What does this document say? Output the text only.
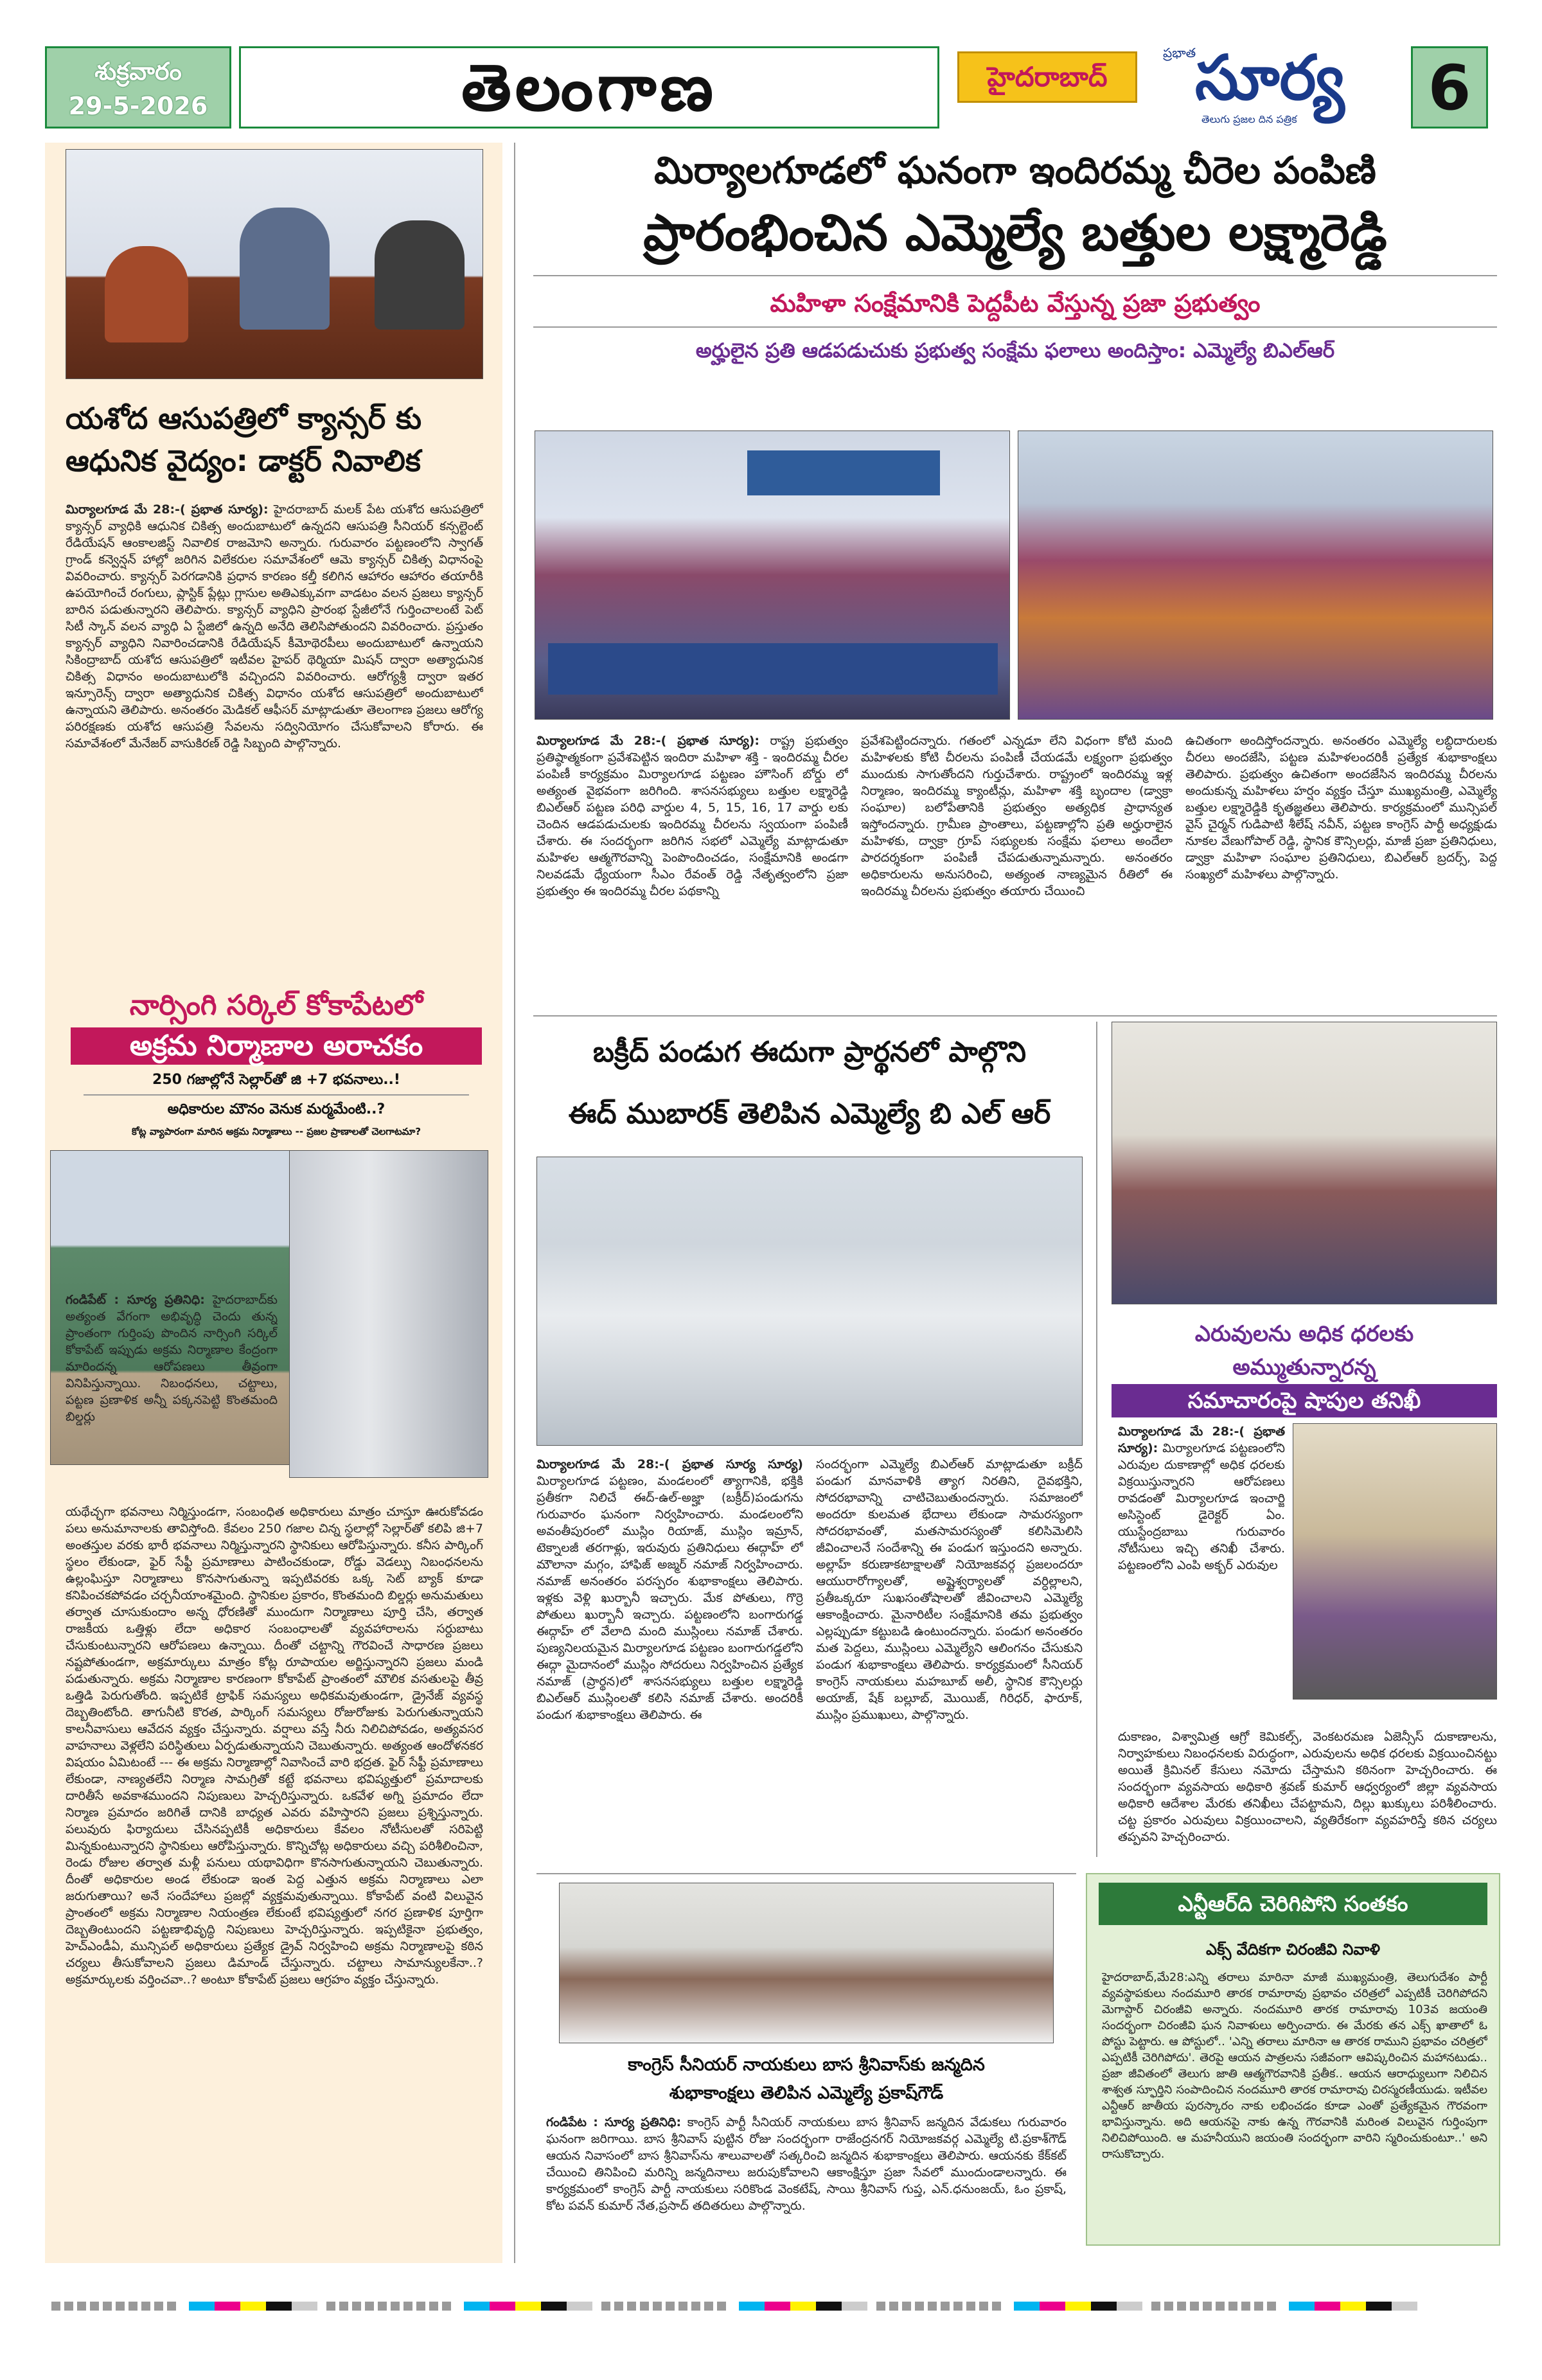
శుక్రవారం
29-5-2026	తెలంగాణ	హైదరాబాద్
ప్రభాత
సూర్య
తెలుగు ప్రజల దిన పత్రిక 6
యశోద ఆసుపత్రిలో క్యాన్సర్ కు
ఆధునిక వైద్యం: డాక్టర్ నివాలిక
మిర్యాలగూడ మే 28:-( ప్రభాత సూర్య): హైదరాబాద్ మలక్ పేట యశోద ఆసుపత్రిలో క్యాన్సర్ వ్యాధికి ఆధునిక చికిత్స అందుబాటులో ఉన్నదని ఆసుపత్రి సీనియర్ కన్సల్టెంట్ రేడియేషన్ ఆంకాలజిస్ట్ నివాలిక రాజమోని అన్నారు. గురువారం పట్టణంలోని స్వాగత్ గ్రాండ్ కన్వెన్షన్ హాల్లో జరిగిన విలేకరుల సమావేశంలో ఆమె క్యాన్సర్ చికిత్స విధానంపై వివరించారు. క్యాన్సర్ పెరగడానికి ప్రధాన కారణం కల్తీ కలిగిన ఆహారం ఆహారం తయారీకి ఉపయోగించే రంగులు, ప్లాస్టిక్ ప్లేట్లు గ్లాసుల అతిఎక్కువగా వాడటం వలన ప్రజలు క్యాన్సర్ బారిన పడుతున్నారని తెలిపారు. క్యాన్సర్ వ్యాధిని ప్రారంభ స్టేజీలోనే గుర్తించాలంటే పెట్ సిటీ స్కాన్ వలన వ్యాధి ఏ స్టేజిలో ఉన్నది అనేది తెలిసిపోతుందని వివరించారు. ప్రస్తుతం క్యాన్సర్ వ్యాధిని నివారించడానికి రేడియేషన్ కీమోథెరపీలు అందుబాటులో ఉన్నాయని సికింద్రాబాద్ యశోద ఆసుపత్రిలో ఇటీవల హైపర్ థెర్మియా మిషన్ ద్వారా అత్యాధునిక చికిత్స విధానం అందుబాటులోకి వచ్చిందని వివరించారు. ఆరోగ్యశ్రీ ద్వారా ఇతర ఇన్సూరెన్స్ ద్వారా అత్యాధునిక చికిత్స విధానం యశోద ఆసుపత్రిలో అందుబాటులో ఉన్నాయని తెలిపారు. అనంతరం మెడికల్ ఆఫీసర్ మాట్లాడుతూ తెలంగాణ ప్రజలు ఆరోగ్య పరిరక్షణకు యశోద ఆసుపత్రి సేవలను సద్వినియోగం చేసుకోవాలని కోరారు. ఈ సమావేశంలో మేనేజర్ వాసుకిరణ్ రెడ్డి సిబ్బంది పాల్గొన్నారు.
నార్సింగి సర్కిల్ కోకాపేటలో
అక్రమ నిర్మాణాల అరాచకం
250 గజాల్లోనే సెల్లార్‌తో జి +7 భవనాలు..!
అధికారుల మౌనం వెనుక మర్మమేంటి..?
కోట్ల వ్యాపారంగా మారిన అక్రమ నిర్మాణాలు -- ప్రజల ప్రాణాలతో చెలగాటమా?
గండిపేట్ : సూర్య ప్రతినిధి: హైదరాబాద్‌కు అత్యంత వేగంగా అభివృద్ధి చెందు తున్న ప్రాంతంగా గుర్తింపు పొందిన నార్సింగి సర్కిల్ కోకాపేట్ ఇప్పుడు అక్రమ నిర్మాణాల కేంద్రంగా మారిందన్న ఆరోపణలు తీవ్రంగా వినిపిస్తున్నాయి. నిబంధనలు, చట్టాలు, పట్టణ ప్రణాళిక అన్నీ పక్కనపెట్టి కొంతమంది బిల్డర్లు
యథేచ్ఛగా భవనాలు నిర్మిస్తుండగా, సంబంధిత అధికారులు మాత్రం చూస్తూ ఊరుకోవడం పలు అనుమానాలకు తావిస్తోంది. కేవలం 250 గజాల చిన్న స్థలాల్లో సెల్లార్‌తో కలిపి జి+7 అంతస్తుల వరకు భారీ భవనాలు నిర్మిస్తున్నారని స్థానికులు ఆరోపిస్తున్నారు. కనీస పార్కింగ్ స్థలం లేకుండా, ఫైర్ సేఫ్టీ ప్రమాణాలు పాటించకుండా, రోడ్డు వెడల్పు నిబంధనలను ఉల్లంఘిస్తూ నిర్మాణాలు కొనసాగుతున్నా ఇప్పటివరకు ఒక్క సెట్ బ్యాక్ కూడా కనిపించకపోవడం చర్చనీయాంశమైంది. స్థానికుల ప్రకారం, కొంతమంది బిల్డర్లు అనుమతులు తర్వాత చూసుకుందాం అన్న ధోరణితో ముందుగా నిర్మాణాలు పూర్తి చేసి, తర్వాత రాజకీయ ఒత్తిళ్లు లేదా అధికార సంబంధాలతో వ్యవహారాలను సర్దుబాటు చేసుకుంటున్నారని ఆరోపణలు ఉన్నాయి. దీంతో చట్టాన్ని గౌరవించే సాధారణ ప్రజలు నష్టపోతుండగా, అక్రమార్కులు మాత్రం కోట్ల రూపాయల అర్జిస్తున్నారని ప్రజలు మండి పడుతున్నారు. అక్రమ నిర్మాణాల కారణంగా కోకాపేట్ ప్రాంతంలో మౌలిక వసతులపై తీవ్ర ఒత్తిడి పెరుగుతోంది. ఇప్పటికే ట్రాఫిక్ సమస్యలు అధికమవుతుండగా, డ్రైనేజ్ వ్యవస్థ దెబ్బతింటోంది. తాగునీటి కొరత, పార్కింగ్ సమస్యలు రోజురోజుకు పెరుగుతున్నాయని కాలనీవాసులు ఆవేదన వ్యక్తం చేస్తున్నారు. వర్షాలు వస్తే నీరు నిలిచిపోవడం, అత్యవసర వాహనాలు వెళ్లలేని పరిస్థితులు ఏర్పడుతున్నాయని చెబుతున్నారు. అత్యంత ఆందోళనకర విషయం ఏమిటంటే --- ఈ అక్రమ నిర్మాణాల్లో నివాసించే వారి భద్రత. ఫైర్ సేఫ్టీ ప్రమాణాలు లేకుండా, నాణ్యతలేని నిర్మాణ సామగ్రితో కట్టే భవనాలు భవిష్యత్తులో ప్రమాదాలకు దారితీసే అవకాశముందని నిపుణులు హెచ్చరిస్తున్నారు. ఒకవేళ అగ్ని ప్రమాదం లేదా నిర్మాణ ప్రమాదం జరిగితే దానికి బాధ్యత ఎవరు వహిస్తారని ప్రజలు ప్రశ్నిస్తున్నారు. పలువురు ఫిర్యాదులు చేసినప్పటికీ అధికారులు కేవలం నోటీసులతో సరిపెట్టి మిన్నకుంటున్నారని స్థానికులు ఆరోపిస్తున్నారు. కొన్నిచోట్ల అధికారులు వచ్చి పరిశీలించినా, రెండు రోజుల తర్వాత మళ్లీ పనులు యథావిధిగా కొనసాగుతున్నాయని చెబుతున్నారు. దీంతో అధికారుల అండ లేకుండా ఇంత పెద్ద ఎత్తున అక్రమ నిర్మాణాలు ఎలా జరుగుతాయి? అనే సందేహాలు ప్రజల్లో వ్యక్తమవుతున్నాయి. కోకాపేట్ వంటి విలువైన ప్రాంతంలో అక్రమ నిర్మాణాల నియంత్రణ లేకుంటే భవిష్యత్తులో నగర ప్రణాళిక పూర్తిగా దెబ్బతింటుందని పట్టణాభివృద్ధి నిపుణులు హెచ్చరిస్తున్నారు. ఇప్పటికైనా ప్రభుత్వం, హెచ్ఎండీఏ, మున్సిపల్ అధికారులు ప్రత్యేక డ్రైవ్ నిర్వహించి అక్రమ నిర్మాణాలపై కఠిన చర్యలు తీసుకోవాలని ప్రజలు డిమాండ్ చేస్తున్నారు. చట్టాలు సామాన్యులకేనా..? అక్రమార్కులకు వర్తించవా..? అంటూ కోకాపేట్ ప్రజలు ఆగ్రహం వ్యక్తం చేస్తున్నారు.
మిర్యాలగూడలో ఘనంగా ఇందిరమ్మ చీరెల పంపిణి
ప్రారంభించిన ఎమ్మెల్యే బత్తుల లక్ష్మారెడ్డి
మహిళా సంక్షేమానికి పెద్దపీట వేస్తున్న ప్రజా ప్రభుత్వం
అర్హులైన ప్రతి ఆడపడుచుకు ప్రభుత్వ సంక్షేమ ఫలాలు అందిస్తాం: ఎమ్మెల్యే బిఎల్ఆర్
మిర్యాలగూడ మే 28:-( ప్రభాత సూర్య): రాష్ట్ర ప్రభుత్వం ప్రతిష్ఠాత్మకంగా ప్రవేశపెట్టిన ఇందిరా మహిళా శక్తి - ఇందిరమ్మ చీరల పంపిణీ కార్యక్రమం మిర్యాలగూడ పట్టణం హౌసింగ్ బోర్డు లో అత్యంత వైభవంగా జరిగింది. శాసనసభ్యులు బత్తుల లక్ష్మారెడ్డి బిఎల్ఆర్ పట్టణ పరిధి వార్డుల 4, 5, 15, 16, 17 వార్డు లకు చెందిన ఆడపడుచులకు ఇందిరమ్మ చీరలను స్వయంగా పంపిణీ చేశారు. ఈ సందర్భంగా జరిగిన సభలో ఎమ్మెల్యే మాట్లాడుతూ మహిళల ఆత్మగౌరవాన్ని పెంపొందించడం, సంక్షేమానికి అండగా నిలవడమే ధ్యేయంగా సీఎం రేవంత్ రెడ్డి నేతృత్వంలోని ప్రజా ప్రభుత్వం ఈ ఇందిరమ్మ చీరల పథకాన్ని
ప్రవేశపెట్టిందన్నారు. గతంలో ఎన్నడూ లేని విధంగా కోటి మంది మహిళలకు కోటి చీరలను పంపిణీ చేయడమే లక్ష్యంగా ప్రభుత్వం ముందుకు సాగుతోందని గుర్తుచేశారు. రాష్ట్రంలో ఇందిరమ్మ ఇళ్ల నిర్మాణం, ఇందిరమ్మ క్యాంటీన్లు, మహిళా శక్తి బృందాల (డ్వాక్రా సంఘాల) బలోపేతానికి ప్రభుత్వం అత్యధిక ప్రాధాన్యత ఇస్తోందన్నారు. గ్రామీణ ప్రాంతాలు, పట్టణాల్లోని ప్రతి అర్హురాలైన మహిళకు, ద్వాక్రా గ్రూప్ సభ్యులకు సంక్షేమ ఫలాలు అందేలా పారదర్శకంగా పంపిణీ చేపడుతున్నామన్నారు. అనంతరం అధికారులను అనుసరించి, అత్యంత నాణ్యమైన రీతిలో ఈ ఇందిరమ్మ చీరలను ప్రభుత్వం తయారు చేయించి
ఉచితంగా అందిస్తోందన్నారు. అనంతరం ఎమ్మెల్యే లబ్ధిదారులకు చీరలు అందజేసి, పట్టణ మహిళలందరికీ ప్రత్యేక శుభాకాంక్షలు తెలిపారు. ప్రభుత్వం ఉచితంగా అందజేసిన ఇందిరమ్మ చీరలను అందుకున్న మహిళలు హర్షం వ్యక్తం చేస్తూ ముఖ్యమంత్రి, ఎమ్మెల్యే బత్తుల లక్ష్మారెడ్డికి కృతజ్ఞతలు తెలిపారు. కార్యక్రమంలో మున్సిపల్ వైస్ చైర్మన్ గుడిపాటి శీలేష్ నవీన్, పట్టణ కాంగ్రెస్ పార్టీ అధ్యక్షుడు నూకల వేణుగోపాల్ రెడ్డి, స్థానిక కౌన్సిలర్లు, మాజీ ప్రజా ప్రతినిధులు, డ్వాక్రా మహిళా సంఘాల ప్రతినిధులు, బిఎల్ఆర్ బ్రదర్స్, పెద్ద సంఖ్యలో మహిళలు పాల్గొన్నారు.
బక్రీద్ పండుగ ఈదుగా ప్రార్థనలో పాల్గొని
ఈద్ ముబారక్ తెలిపిన ఎమ్మెల్యే బి ఎల్ ఆర్
మిర్యాలగూడ మే 28:-( ప్రభాత సూర్య సూర్య) మిర్యాలగూడ పట్టణం, మండలంలో త్యాగానికి, భక్తికి ప్రతీకగా నిలిచే ఈద్-ఉల్-అజ్హా (బక్రీద్)పండుగను గురువారం ఘనంగా నిర్వహించారు. మండలంలోని అవంతీపురంలో ముస్లిం రియాజ్, ముస్లిం ఇమ్రాన్, టెక్నాలజీ తరగాళ్లు, ఇరువురు ప్రతినిధులు ఈద్గాహ్ లో మౌలానా మగ్గం, హాఫిజ్ అజ్మర్ నమాజ్ నిర్వహించారు. నమాజ్ అనంతరం పరస్పరం శుభాకాంక్షలు తెలిపారు. ఇళ్లకు వెళ్లి ఖుర్బానీ ఇచ్చారు. మేక పోతులు, గొర్రె పోతులు ఖుర్బానీ ఇచ్చారు. పట్టణంలోని బంగారుగడ్డ ఈద్గాహ్ లో వేలాది మంది ముస్లింలు నమాజ్ చేశారు. పుణ్యనిలయమైన మిర్యాలగూడ పట్టణం బంగారుగడ్డలోని ఈద్గా మైదానంలో ముస్లిం సోదరులు నిర్వహించిన ప్రత్యేక నమాజ్ (ప్రార్థన)లో శాసనసభ్యులు బత్తుల లక్ష్మారెడ్డి బిఎల్ఆర్ ముస్లింలతో కలిసి నమాజ్ చేశారు. అందరికీ పండుగ శుభాకాంక్షలు తెలిపారు. ఈ
సందర్భంగా ఎమ్మెల్యే బిఎల్ఆర్ మాట్లాడుతూ బక్రీద్ పండుగ మానవాళికి త్యాగ నిరతిని, దైవభక్తిని, సోదరభావాన్ని చాటిచెబుతుందన్నారు. సమాజంలో అందరూ కులమత భేదాలు లేకుండా సామరస్యంగా సోదరభావంతో, మతసామరస్యంతో కలిసిమెలిసి జీవించాలనే సందేశాన్ని ఈ పండుగ ఇస్తుందని అన్నారు. అల్లాహ్ కరుణాకటాక్షాలతో నియోజకవర్గ ప్రజలందరూ ఆయురారోగ్యాలతో, అష్టైశ్వర్యాలతో వర్ధిల్లాలని, ప్రతీఒక్కరూ సుఖసంతోషాలతో జీవించాలని ఎమ్మెల్యే ఆకాంక్షించారు. మైనారిటీల సంక్షేమానికి తమ ప్రభుత్వం ఎల్లప్పుడూ కట్టుబడి ఉంటుందన్నారు. పండుగ అనంతరం మత పెద్దలు, ముస్లింలు ఎమ్మెల్యేని ఆలింగనం చేసుకుని పండుగ శుభాకాంక్షలు తెలిపారు. కార్యక్రమంలో సీనియర్ కాంగ్రెస్ నాయకులు మహబూబ్ అలీ, స్థానిక కౌన్సిలర్లు అయాజ్, షేక్ బల్లూబ్, మొయిజ్, గిరిధర్, ఫారూక్, ముస్లిం ప్రముఖులు, పాల్గొన్నారు.
ఎరువులను అధిక ధరలకు
అమ్ముతున్నారన్న
సమాచారంపై షాపుల తనిఖీ
మిర్యాలగూడ మే 28:-( ప్రభాత సూర్య): మిర్యాలగూడ పట్టణంలోని ఎరువుల దుకాణాల్లో అధిక ధరలకు విక్రయిస్తున్నారని ఆరోపణలు రావడంతో మిర్యాలగూడ ఇంచార్జి అసిస్టెంట్ డైరెక్టర్ ఏం. యుస్టేంద్రబాబు గురువారం నోటీసులు ఇచ్చి తనిఖీ చేశారు. పట్టణంలోని ఎంపి అక్బర్ ఎరువుల
దుకాణం, విశ్వామిత్ర ఆగ్రో కెమికల్స్, వెంకటరమణ ఏజెన్సీస్ దుకాణాలను, నిర్వాహకులు నిబంధనలకు విరుద్ధంగా, ఎరువులను అధిక ధరలకు విక్రయించినట్టు అయితే క్రిమినల్ కేసులు నమోదు చేస్తామని కఠినంగా హెచ్చరించారు. ఈ సందర్భంగా వ్యవసాయ అధికారి శ్రవణ్ కుమార్ ఆధ్వర్యంలో జిల్లా వ్యవసాయ అధికారి ఆదేశాల మేరకు తనిఖీలు చేపట్టామని, దిల్లు ఖుక్కులు పరిశీలించారు. చట్ట ప్రకారం ఎరువులు విక్రయించాలని, వ్యతిరేకంగా వ్యవహరిస్తే కఠిన చర్యలు తప్పవని హెచ్చరించారు.
కాంగ్రెస్ సీనియర్ నాయకులు బాస శ్రీనివాస్‌కు జన్మదిన
శుభాకాంక్షలు తెలిపిన ఎమ్మెల్యే ప్రకాష్‌గౌడ్
గండిపేట : సూర్య ప్రతినిధి: కాంగ్రెస్ పార్టీ సీనియర్ నాయకులు బాస శ్రీనివాస్ జన్మదిన వేడుకలు గురువారం ఘనంగా జరిగాయి. బాస శ్రీనివాస్ పుట్టిన రోజు సందర్భంగా రాజేంద్రనగర్ నియోజకవర్గ ఎమ్మెల్యే టి.ప్రకాశ్‌గౌడ్ ఆయన నివాసంలో బాస శ్రీనివాస్‌ను శాలువాలతో సత్కరించి జన్మదిన శుభాకాంక్షలు తెలిపారు. ఆయనకు కేక్‌కట్ చేయించి తినిపించి మరిన్ని జన్మదినాలు జరుపుకోవాలని ఆకాంక్షిస్తూ ప్రజా సేవలో ముందుండాలన్నారు. ఈ కార్యక్రమంలో కాంగ్రెస్ పార్టీ నాయకులు సరికొండ వెంకటేష్, సాయి శ్రీనివాస్ గుప్త, ఎన్.ధనుంజయ్, ఓం ప్రకాష్, కోట పవన్ కుమార్ నేత,ప్రసాద్ తదితరులు పాల్గొన్నారు.
ఎన్టీఆర్‌ది చెరిగిపోని సంతకం
ఎక్స్ వేదికగా చిరంజీవి నివాళి
హైదరాబాద్,మే28:ఎన్ని తరాలు మారినా మాజీ ముఖ్యమంత్రి, తెలుగుదేశం పార్టీ వ్యవస్థాపకులు నందమూరి తారక రామారావు ప్రభావం చరిత్రలో ఎప్పటికీ చెరిగిపోదని మెగాస్టార్ చిరంజీవి అన్నారు. నందమూరి తారక రామారావు 103వ జయంతి సందర్భంగా చిరంజీవి ఘన నివాళులు అర్పించారు. ఈ మేరకు తన ఎక్స్ ఖాతాలో ఓ పోస్టు పెట్టారు. ఆ పోస్టులో.. 'ఎన్ని తరాలు మారినా ఆ తారక రాముని ప్రభావం చరిత్రలో ఎప్పటికీ చెరిగిపోదు'. తెరపై ఆయన పాత్రలను సజీవంగా ఆవిష్కరించిన మహానటుడు.. ప్రజా జీవితంలో తెలుగు జాతి ఆత్మగౌరవానికి ప్రతీక.. ఆయన ఆరాధ్యులుగా నిలిచిన శాశ్వత స్ఫూర్తిని సంపాదించిన నందమూరి తారక రామారావు చిరస్మరణీయుడు. ఇటీవల ఎన్టీఆర్ జాతీయ పురస్కారం నాకు లభించడం కూడా ఎంతో ప్రత్యేకమైన గౌరవంగా భావిస్తున్నాను. అది ఆయనపై నాకు ఉన్న గౌరవానికి మరింత విలువైన గుర్తింపుగా నిలిచిపోయింది. ఆ మహనీయుని జయంతి సందర్భంగా వారిని స్మరించుకుంటూ..' అని రాసుకొచ్చారు.
